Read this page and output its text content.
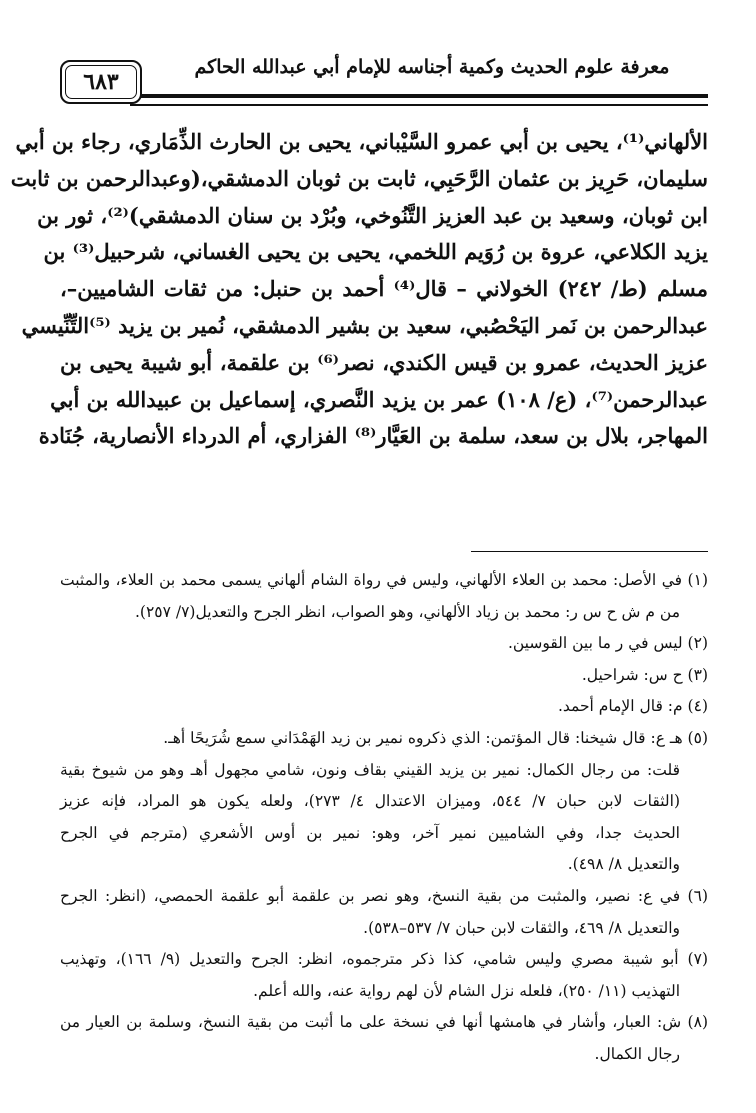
معرفة علوم الحديث وكمية أجناسه للإمام أبي عبدالله الحاكم
٦٨٣
الألهاني⁽¹⁾، يحيى بن أبي عمرو السَّيْباني، يحيى بن الحارث الذِّمَاري، رجاء بن أبي
سليمان، حَرِيز بن عثمان الرَّحَبِي، ثابت بن ثوبان الدمشقي،(وعبدالرحمن بن ثابت
ابن ثوبان، وسعيد بن عبد العزيز التَّنُوخي، وبُرْد بن سنان الدمشقي)⁽²⁾، ثور بن
يزيد الكلاعي، عروة بن رُوَيم اللخمي، يحيى بن يحيى الغساني، شرحبيل⁽³⁾ بن
مسلم (ط/ ٢٤٢) الخولاني – قال⁽⁴⁾ أحمد بن حنبل: من ثقات الشاميين–،
عبدالرحمن بن نَمر اليَحْصُبي، سعيد بن بشير الدمشقي، نُمير بن يزيد ⁽⁵⁾التِّنِّيسي
عزيز الحديث، عمرو بن قيس الكندي، نصر⁽⁶⁾ بن علقمة، أبو شيبة يحيى بن
عبدالرحمن⁽⁷⁾، (ع/ ١٠٨) عمر بن يزيد النَّصري، إسماعيل بن عبيدالله بن أبي
المهاجر، بلال بن سعد، سلمة بن العَيَّار⁽⁸⁾ الفزاري، أم الدرداء الأنصارية، جُنَادة
(١) في الأصل: محمد بن العلاء الألهاني، وليس في رواة الشام ألهاني يسمى محمد بن العلاء، والمثبت
من م ش ح س ر: محمد بن زياد الألهاني، وهو الصواب، انظر الجرح والتعديل(٧/ ٢٥٧).
(٢) ليس في ر ما بين القوسين.
(٣) ح س: شراحيل.
(٤) م: قال الإمام أحمد.
(٥) هـ ع: قال شيخنا: قال المؤتمن: الذي ذكروه نمير بن زيد الهَمْدَاني سمع شُرَيحًا أهـ.
قلت: من رجال الكمال: نمير بن يزيد القيني بقاف ونون، شامي مجهول أهـ وهو من شيوخ بقية
(الثقات لابن حبان ٧/ ٥٤٤، وميزان الاعتدال ٤/ ٢٧٣)، ولعله يكون هو المراد، فإنه عزيز
الحديث جدا، وفي الشاميين نمير آخر، وهو: نمير بن أوس الأشعري (مترجم في الجرح
والتعديل ٨/ ٤٩٨).
(٦) في ع: نصير، والمثبت من بقية النسخ، وهو نصر بن علقمة أبو علقمة الحمصي، (انظر: الجرح
والتعديل ٨/ ٤٦٩، والثقات لابن حبان ٧/ ٥٣٧–٥٣٨).
(٧) أبو شيبة مصري وليس شامي، كذا ذكر مترجموه، انظر: الجرح والتعديل (٩/ ١٦٦)، وتهذيب
التهذيب (١١/ ٢٥٠)، فلعله نزل الشام لأن لهم رواية عنه، والله أعلم.
(٨) ش: العبار، وأشار في هامشها أنها في نسخة على ما أثبت من بقية النسخ، وسلمة بن العيار من
رجال الكمال.
